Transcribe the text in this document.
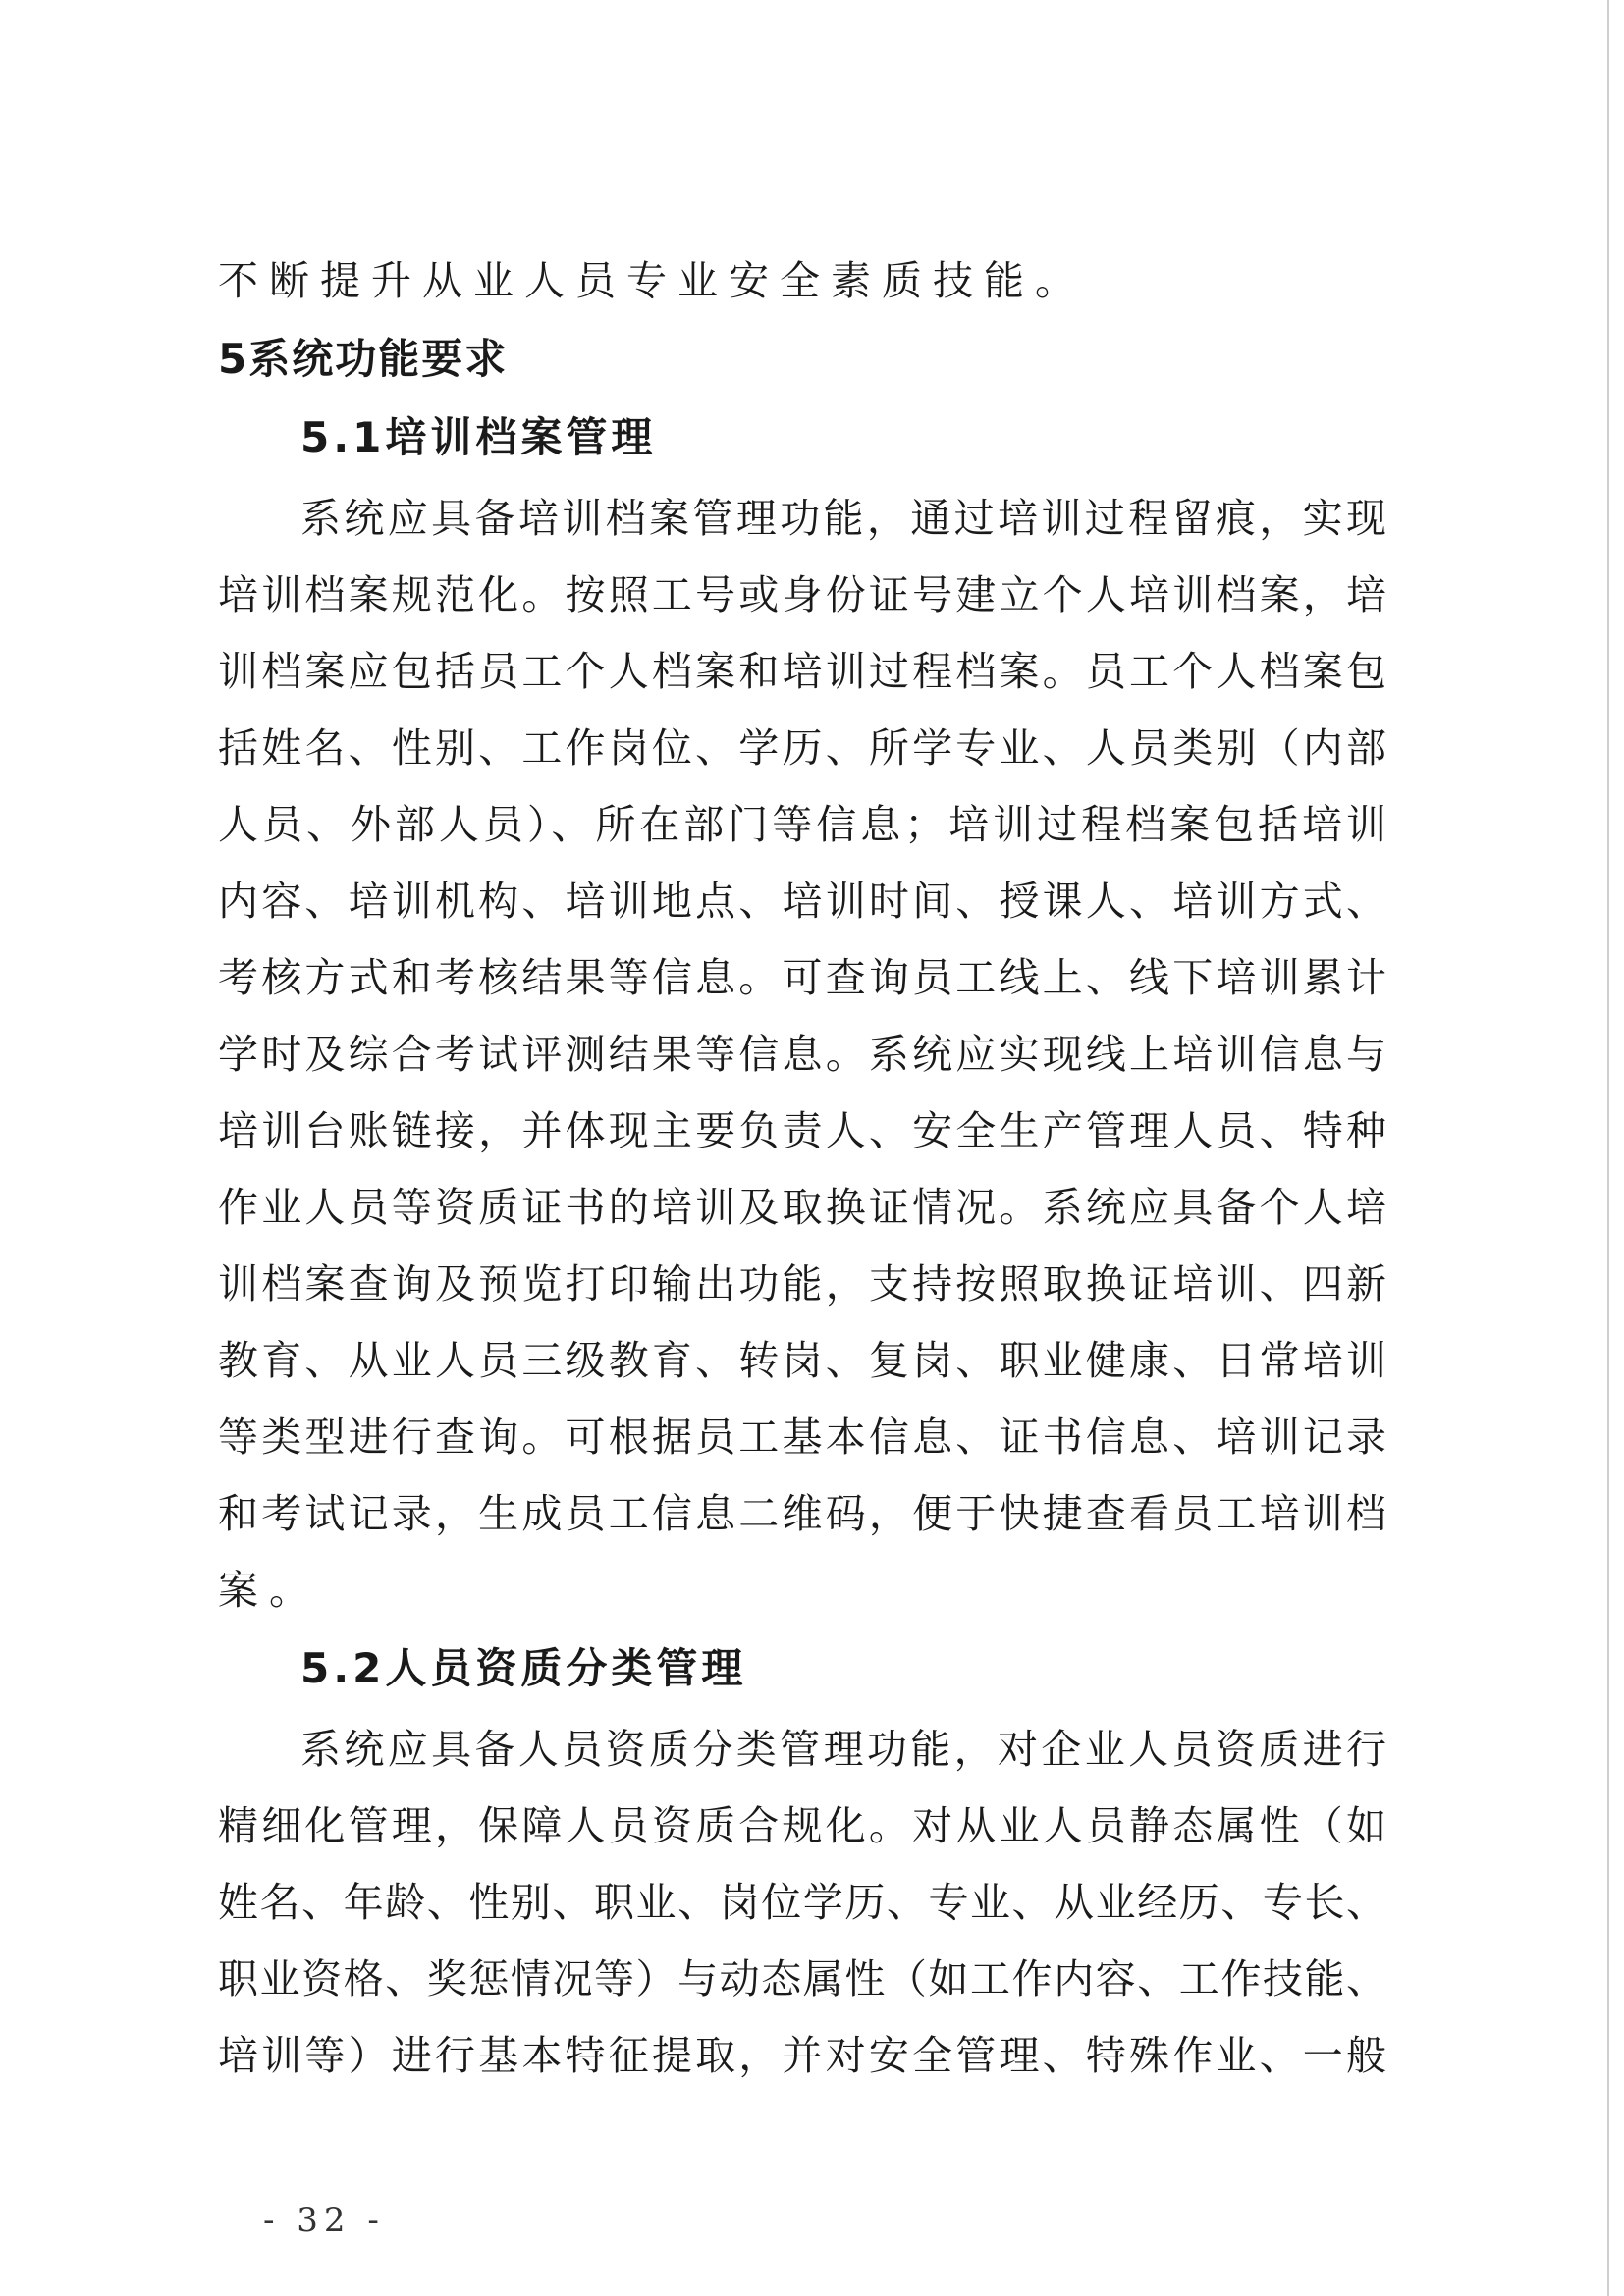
不断提升从业人员专业安全素质技能。
5系统功能要求
5.1培训档案管理
系统应具备培训档案管理功能，通过培训过程留痕，实现
培训档案规范化。按照工号或身份证号建立个人培训档案，培
训档案应包括员工个人档案和培训过程档案。员工个人档案包
括姓名、性别、工作岗位、学历、所学专业、人员类别（内部
人员、外部人员）、所在部门等信息；培训过程档案包括培训
内容、培训机构、培训地点、培训时间、授课人、培训方式、
考核方式和考核结果等信息。可查询员工线上、线下培训累计
学时及综合考试评测结果等信息。系统应实现线上培训信息与
培训台账链接，并体现主要负责人、安全生产管理人员、特种
作业人员等资质证书的培训及取换证情况。系统应具备个人培
训档案查询及预览打印输出功能，支持按照取换证培训、四新
教育、从业人员三级教育、转岗、复岗、职业健康、日常培训
等类型进行查询。可根据员工基本信息、证书信息、培训记录
和考试记录，生成员工信息二维码，便于快捷查看员工培训档
案。
5.2人员资质分类管理
系统应具备人员资质分类管理功能，对企业人员资质进行
精细化管理，保障人员资质合规化。对从业人员静态属性（如
姓名、年龄、性别、职业、岗位学历、专业、从业经历、专长、
职业资格、奖惩情况等）与动态属性（如工作内容、工作技能、
培训等）进行基本特征提取，并对安全管理、特殊作业、一般
- 32 -
